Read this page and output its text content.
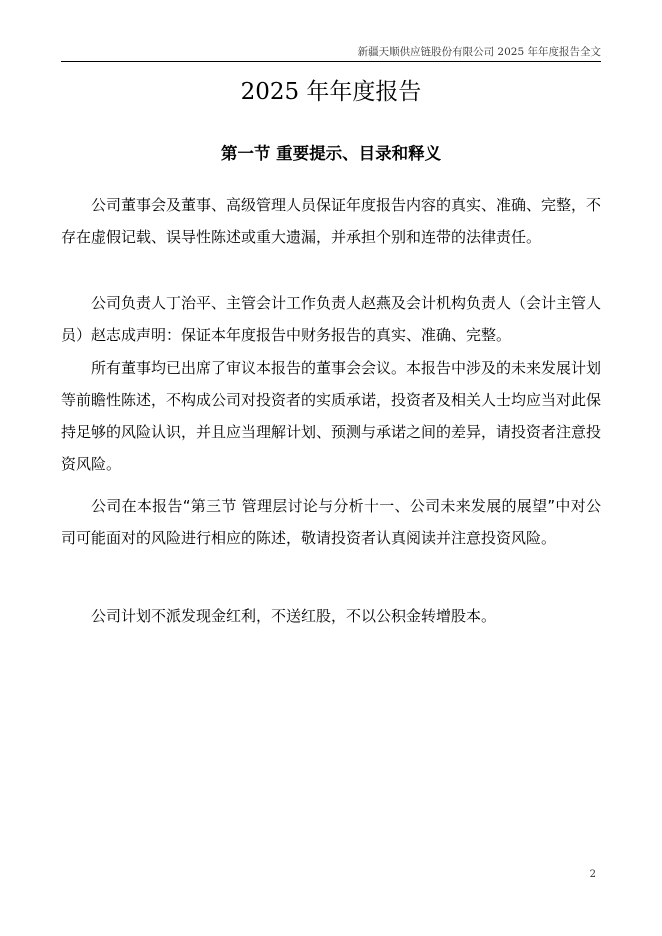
新疆天顺供应链股份有限公司 2025 年年度报告全文
2025 年年度报告
第一节 重要提示、目录和释义

公司董事会及董事、高级管理人员保证年度报告内容的真实、准确、完整，不存在虚假记载、误导性陈述或重大遗漏，并承担个别和连带的法律责任。

公司负责人丁治平、主管会计工作负责人赵燕及会计机构负责人（会计主管人员）赵志成声明：保证本年度报告中财务报告的真实、准确、完整。

所有董事均已出席了审议本报告的董事会会议。本报告中涉及的未来发展计划等前瞻性陈述，不构成公司对投资者的实质承诺，投资者及相关人士均应当对此保持足够的风险认识，并且应当理解计划、预测与承诺之间的差异，请投资者注意投资风险。

公司在本报告“第三节 管理层讨论与分析十一、公司未来发展的展望”中对公司可能面对的风险进行相应的陈述，敬请投资者认真阅读并注意投资风险。

公司计划不派发现金红利，不送红股，不以公积金转增股本。

2
